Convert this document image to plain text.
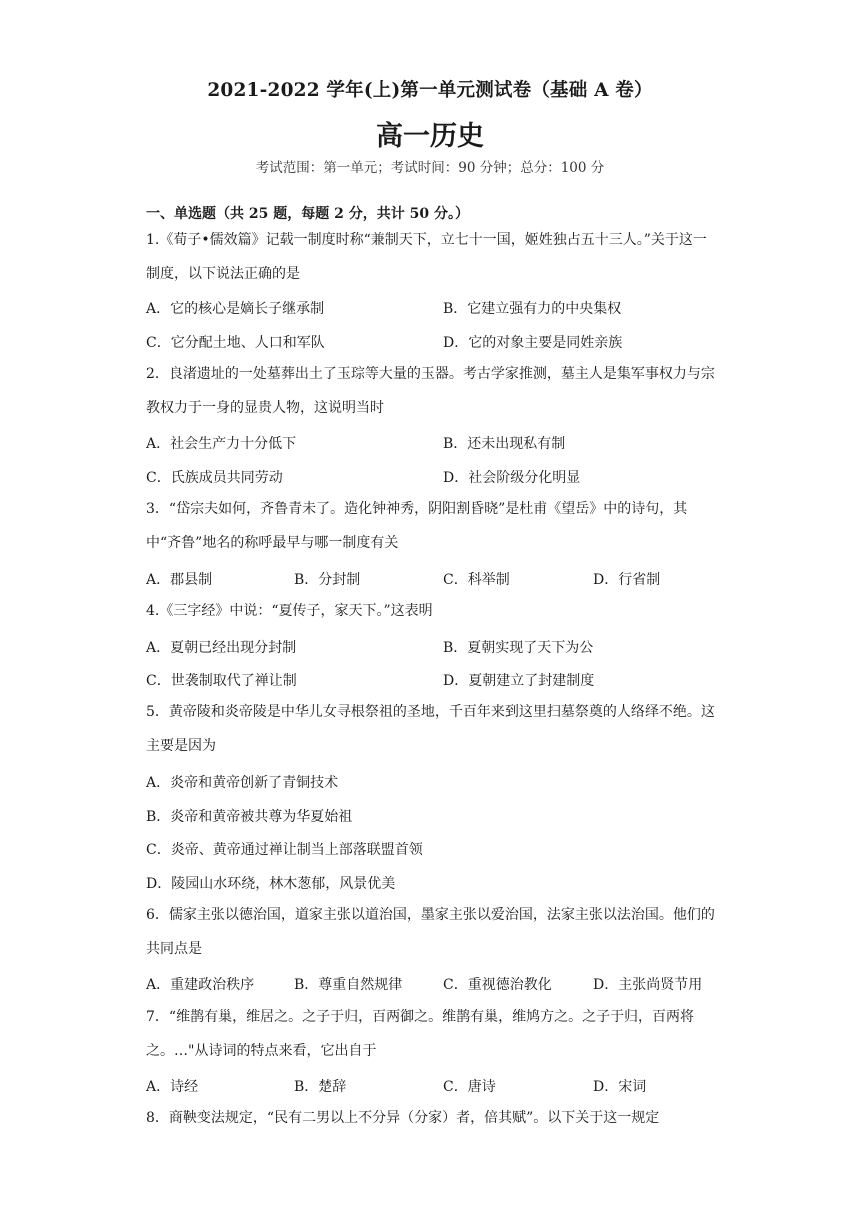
2021-2022 学年(上)第一单元测试卷（基础 A 卷）
高一历史
考试范围：第一单元；考试时间：90 分钟；总分：100 分
一、单选题（共 25 题，每题 2 分，共计 50 分。）
1.《荀子•儒效篇》记载一制度时称“兼制天下，立七十一国，姬姓独占五十三人。”关于这一制度，以下说法正确的是
A．它的核心是嫡长子继承制	B．它建立强有力的中央集权
C．它分配土地、人口和军队	D．它的对象主要是同姓亲族
2．良渚遗址的一处墓葬出土了玉琮等大量的玉器。考古学家推测，墓主人是集军事权力与宗教权力于一身的显贵人物，这说明当时
A．社会生产力十分低下	B．还未出现私有制
C．氏族成员共同劳动	D．社会阶级分化明显
3．“岱宗夫如何，齐鲁青未了。造化钟神秀，阴阳割昏晓”是杜甫《望岳》中的诗句，其中“齐鲁”地名的称呼最早与哪一制度有关
A．郡县制	B．分封制	C．科举制	D．行省制
4.《三字经》中说：“夏传子，家天下。”这表明
A．夏朝已经出现分封制	B．夏朝实现了天下为公
C．世袭制取代了禅让制	D．夏朝建立了封建制度
5．黄帝陵和炎帝陵是中华儿女寻根祭祖的圣地，千百年来到这里扫墓祭奠的人络绎不绝。这主要是因为
A．炎帝和黄帝创新了青铜技术
B．炎帝和黄帝被共尊为华夏始祖
C．炎帝、黄帝通过禅让制当上部落联盟首领
D．陵园山水环绕，林木葱郁，风景优美
6．儒家主张以德治国，道家主张以道治国，墨家主张以爱治国，法家主张以法治国。他们的共同点是
A．重建政治秩序	B．尊重自然规律	C．重视德治教化	D．主张尚贤节用
7．“维鹊有巢，维居之。之子于归，百两御之。维鹊有巢，维鸠方之。之子于归，百两将之。…"从诗词的特点来看，它出自于
A．诗经	B．楚辞	C．唐诗	D．宋词
8．商鞅变法规定，“民有二男以上不分异（分家）者，倍其赋”。以下关于这一规定
